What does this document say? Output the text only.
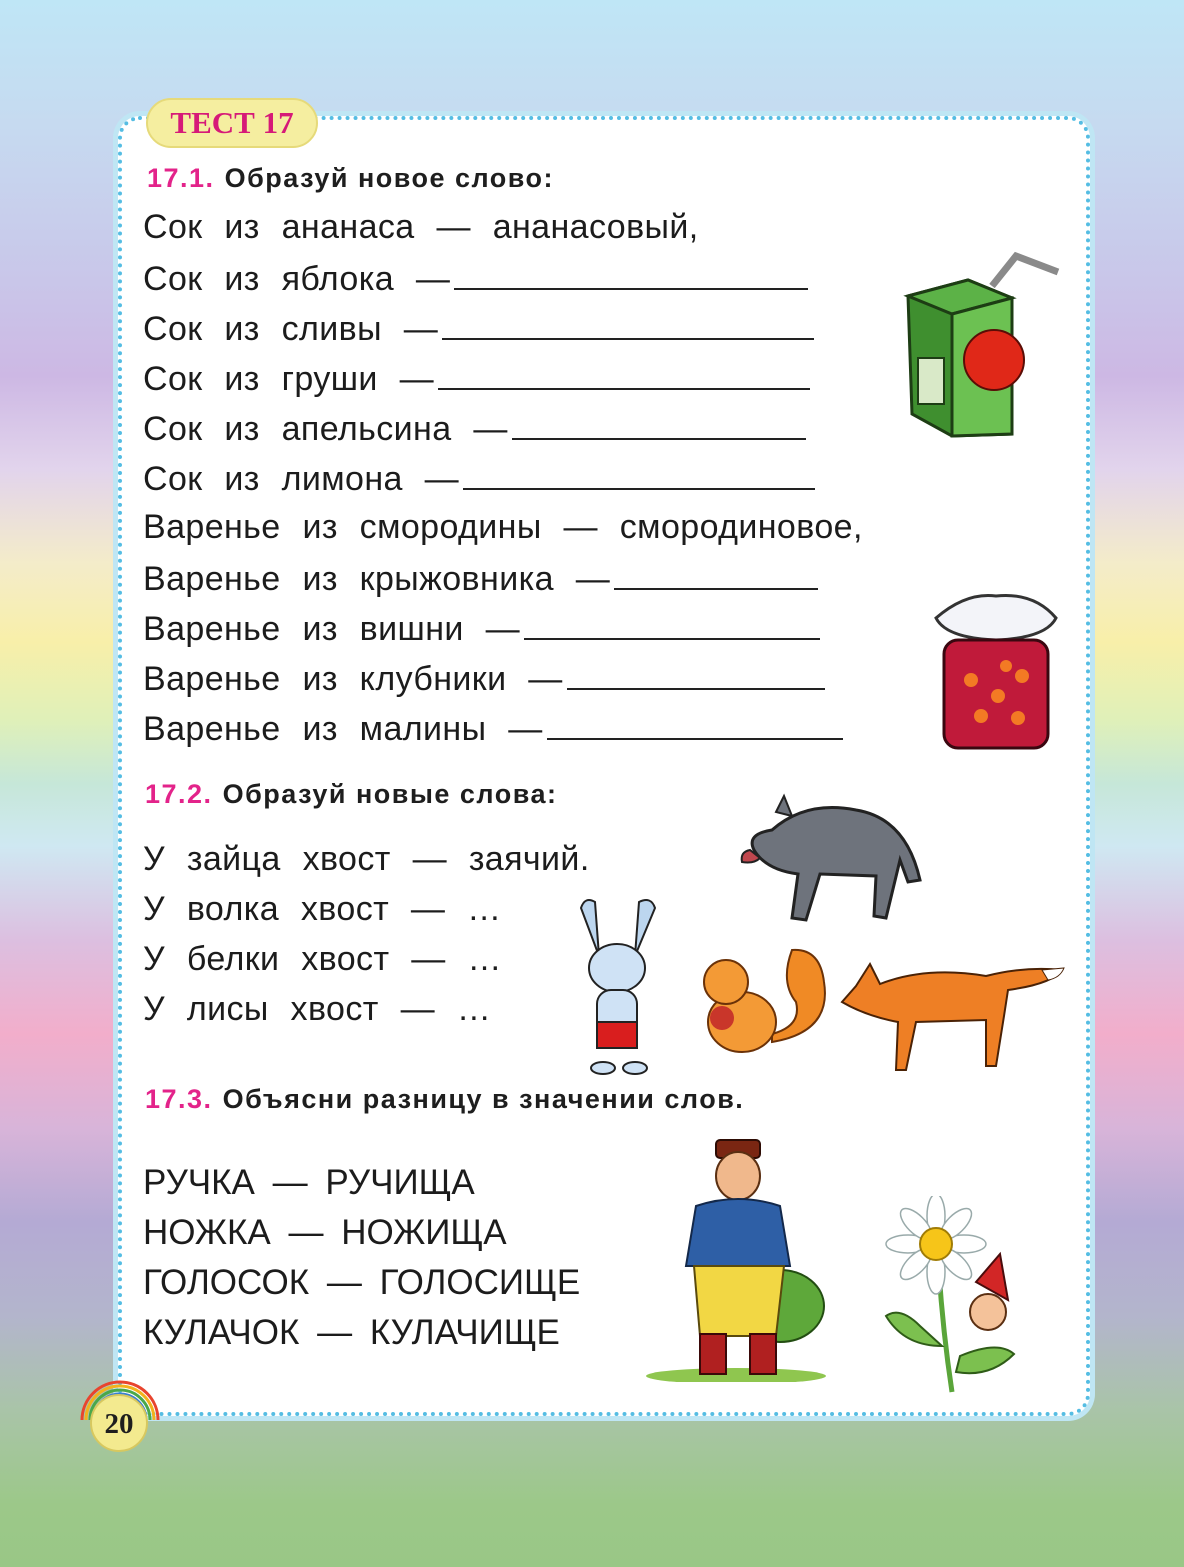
ТЕСТ 17
17.1. Образуй новое слово:
Сок из ананаса — ананасовый,
Сок из яблока —
Сок из сливы —
Сок из груши —
Сок из апельсина —
Сок из лимона —
Варенье из смородины — смородиновое,
Варенье из крыжовника —
Варенье из вишни —
Варенье из клубники —
Варенье из малины —
17.2. Образуй новые слова:
У зайца хвост — заячий.
У волка хвост — …
У белки хвост — …
У лисы хвост — …
17.3. Объясни разницу в значении слов.
РУЧКА — РУЧИЩА
НОЖКА — НОЖИЩА
ГОЛОСОК — ГОЛОСИЩЕ
КУЛАЧОК — КУЛАЧИЩЕ
20
